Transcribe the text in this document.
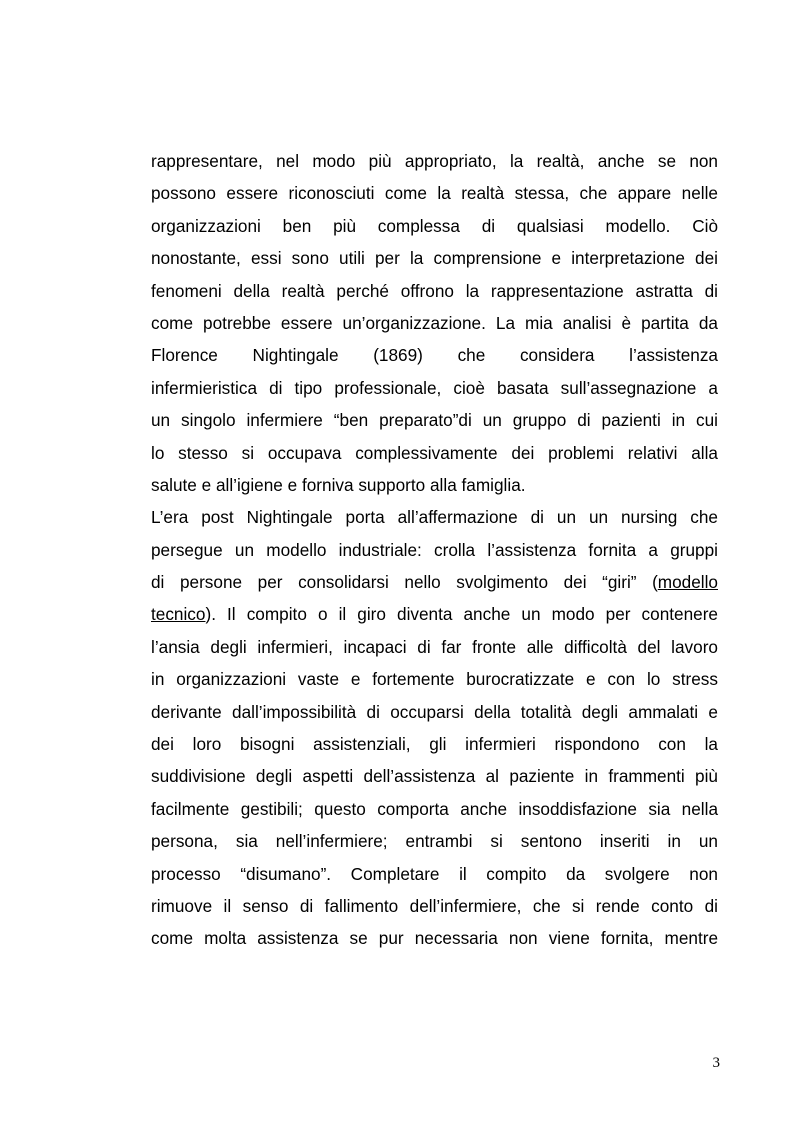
rappresentare, nel modo più appropriato, la realtà, anche se non
possono essere riconosciuti come la realtà stessa, che appare nelle
organizzazioni ben più complessa di qualsiasi modello. Ciò
nonostante, essi sono utili per la comprensione e interpretazione dei
fenomeni della realtà perché offrono la rappresentazione astratta di
come potrebbe essere un’organizzazione. La mia analisi è partita da
Florence Nightingale (1869) che considera l’assistenza
infermieristica di tipo professionale, cioè basata sull’assegnazione a
un singolo infermiere “ben preparato”di un gruppo di pazienti in cui
lo stesso si occupava complessivamente dei problemi relativi alla
salute e all’igiene e forniva supporto alla famiglia.

L’era post Nightingale porta all’affermazione di un un nursing che
persegue un modello industriale: crolla l’assistenza fornita a gruppi
di persone per consolidarsi nello svolgimento dei “giri” (modello
tecnico). Il compito o il giro diventa anche un modo per contenere
l’ansia degli infermieri, incapaci di far fronte alle difficoltà del lavoro
in organizzazioni vaste e fortemente burocratizzate e con lo stress
derivante dall’impossibilità di occuparsi della totalità degli ammalati e
dei loro bisogni assistenziali, gli infermieri rispondono con la
suddivisione degli aspetti dell’assistenza al paziente in frammenti più
facilmente gestibili; questo comporta anche insoddisfazione sia nella
persona, sia nell’infermiere; entrambi si sentono inseriti in un
processo “disumano”. Completare il compito da svolgere non
rimuove il senso di fallimento dell’infermiere, che si rende conto di
come molta assistenza se pur necessaria non viene fornita, mentre

3
